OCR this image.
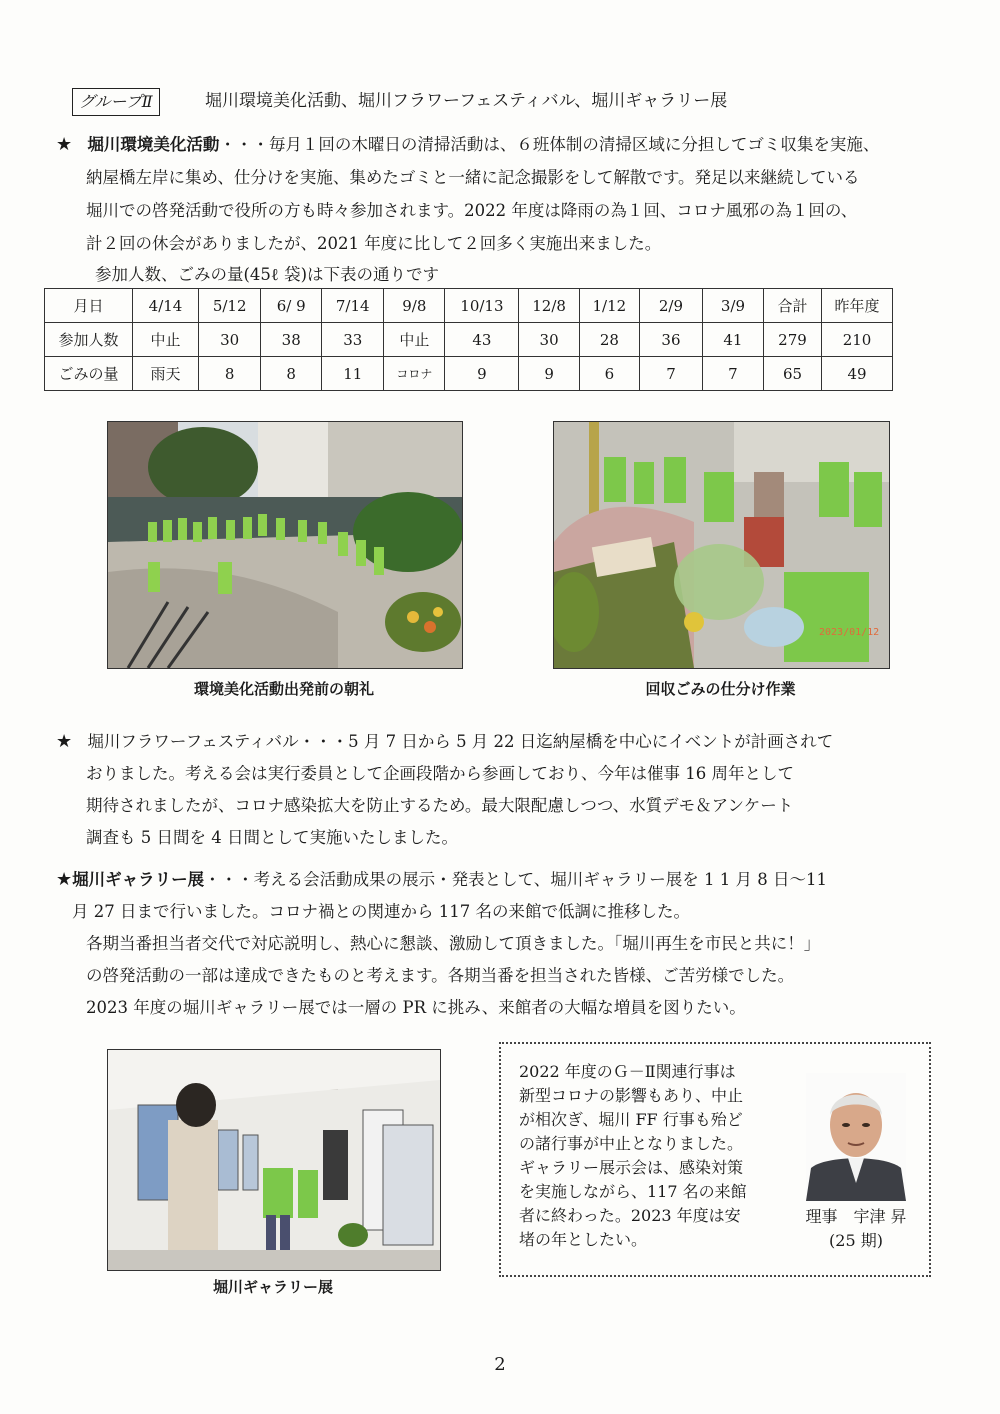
グループⅡ	堀川環境美化活動、堀川フラワーフェスティバル、堀川ギャラリー展
★ 堀川環境美化活動・・・毎月１回の木曜日の清掃活動は、６班体制の清掃区域に分担してゴミ収集を実施、
納屋橋左岸に集め、仕分けを実施、集めたゴミと一緒に記念撮影をして解散です。発足以来継続している
堀川での啓発活動で役所の方も時々参加されます。2022 年度は降雨の為１回、コロナ風邪の為１回の、
計２回の休会がありましたが、2021 年度に比して２回多く実施出来ました。
参加人数、ごみの量(45ℓ 袋)は下表の通りです
月日	4/14	5/12	6/ 9	7/14	9/8	10/13	12/8	1/12	2/9	3/9	合計	昨年度
参加人数	中止	30	38	33	中止	43	30	28	36	41	279	210
ごみの量	雨天	8	8	11	コロナ	9	9	6	7	7	65	49
環境美化活動出発前の朝礼
2023/01/12
回収ごみの仕分け作業
★ 堀川フラワーフェスティバル・・・5 月 7 日から 5 月 22 日迄納屋橋を中心にイベントが計画されて
おりました。考える会は実行委員として企画段階から参画しており、今年は催事 16 周年として
期待されましたが、コロナ感染拡大を防止するため。最大限配慮しつつ、水質デモ＆アンケート
調査も 5 日間を 4 日間として実施いたしました。
★堀川ギャラリー展・・・考える会活動成果の展示・発表として、堀川ギャラリー展を 1 1 月 8 日～11
月 27 日まで行いました。コロナ禍との関連から 117 名の来館で低調に推移した。
各期当番担当者交代で対応説明し、熱心に懇談、激励して頂きました。「堀川再生を市民と共に！」
の啓発活動の一部は達成できたものと考えます。各期当番を担当された皆様、ご苦労様でした。
2023 年度の堀川ギャラリー展では一層の PR に挑み、来館者の大幅な増員を図りたい。
堀川ギャラリー展
2022 年度のＧ－Ⅱ関連行事は
新型コロナの影響もあり、中止
が相次ぎ、堀川 FF 行事も殆ど
の諸行事が中止となりました。
ギャラリー展示会は、感染対策
を実施しながら、117 名の来館
者に終わった。2023 年度は安
堵の年としたい。
理事　宇津 昇
(25 期)
2
